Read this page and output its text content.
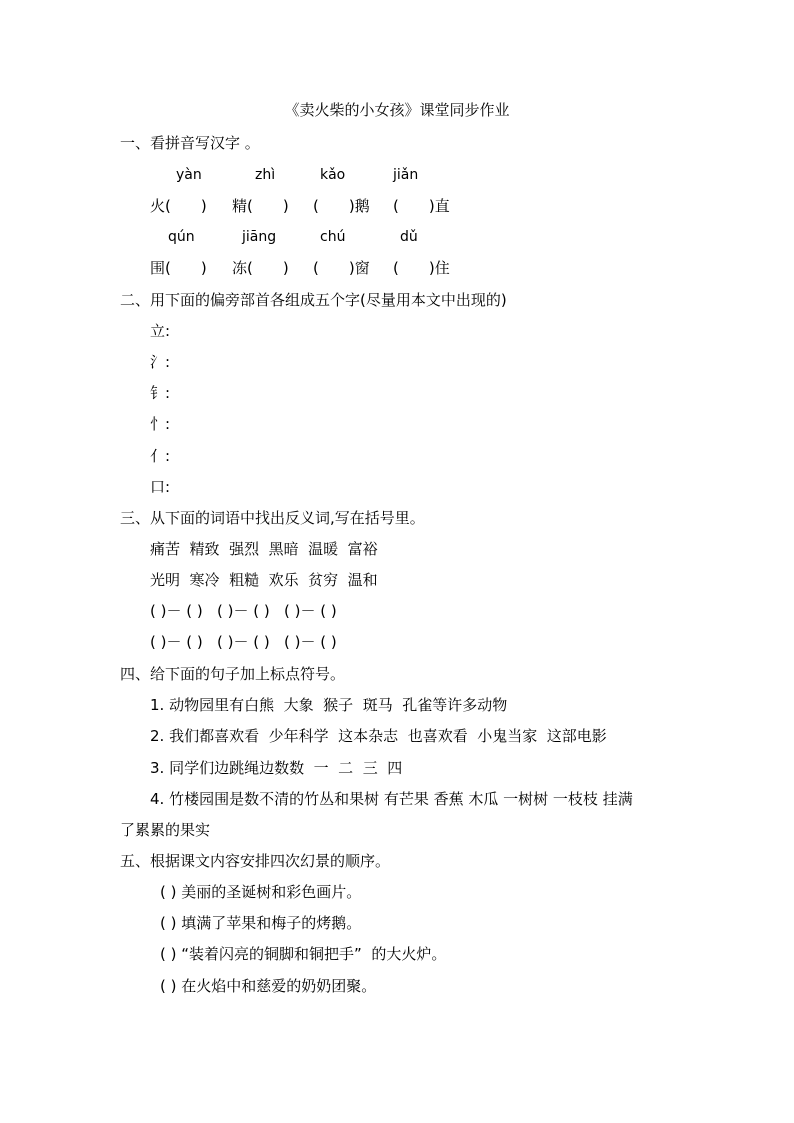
《卖火柴的小女孩》课堂同步作业
一、看拼音写汉字 。
yàn	zhì	kǎo	jiǎn
火(　　) 精(　　) (　　)鹅 (　　)直
qún	jiāng	chú	dǔ
围(　　) 冻(　　) (　　)窗 (　　)住
二、用下面的偏旁部首各组成五个字(尽量用本文中出现的)
立:
氵:
钅:
忄:
亻:
口:
三、从下面的词语中找出反义词,写在括号里。
痛苦  精致  强烈  黑暗  温暖  富裕
光明  寒冷  粗糙  欢乐  贫穷  温和
( )－ ( )   ( )－ ( )   ( )－ ( )
( )－ ( )   ( )－ ( )   ( )－ ( )
四、给下面的句子加上标点符号。
1. 动物园里有白熊  大象  猴子  斑马  孔雀等许多动物
2. 我们都喜欢看  少年科学  这本杂志  也喜欢看  小鬼当家  这部电影
3. 同学们边跳绳边数数  一  二  三  四
4. 竹楼园围是数不清的竹丛和果树 有芒果 香蕉 木瓜 一树树 一枝枝 挂满
了累累的果实
五、根据课文内容安排四次幻景的顺序。
( ) 美丽的圣诞树和彩色画片。
( ) 填满了苹果和梅子的烤鹅。
( ) “装着闪亮的铜脚和铜把手”  的大火炉。
( ) 在火焰中和慈爱的奶奶团聚。
